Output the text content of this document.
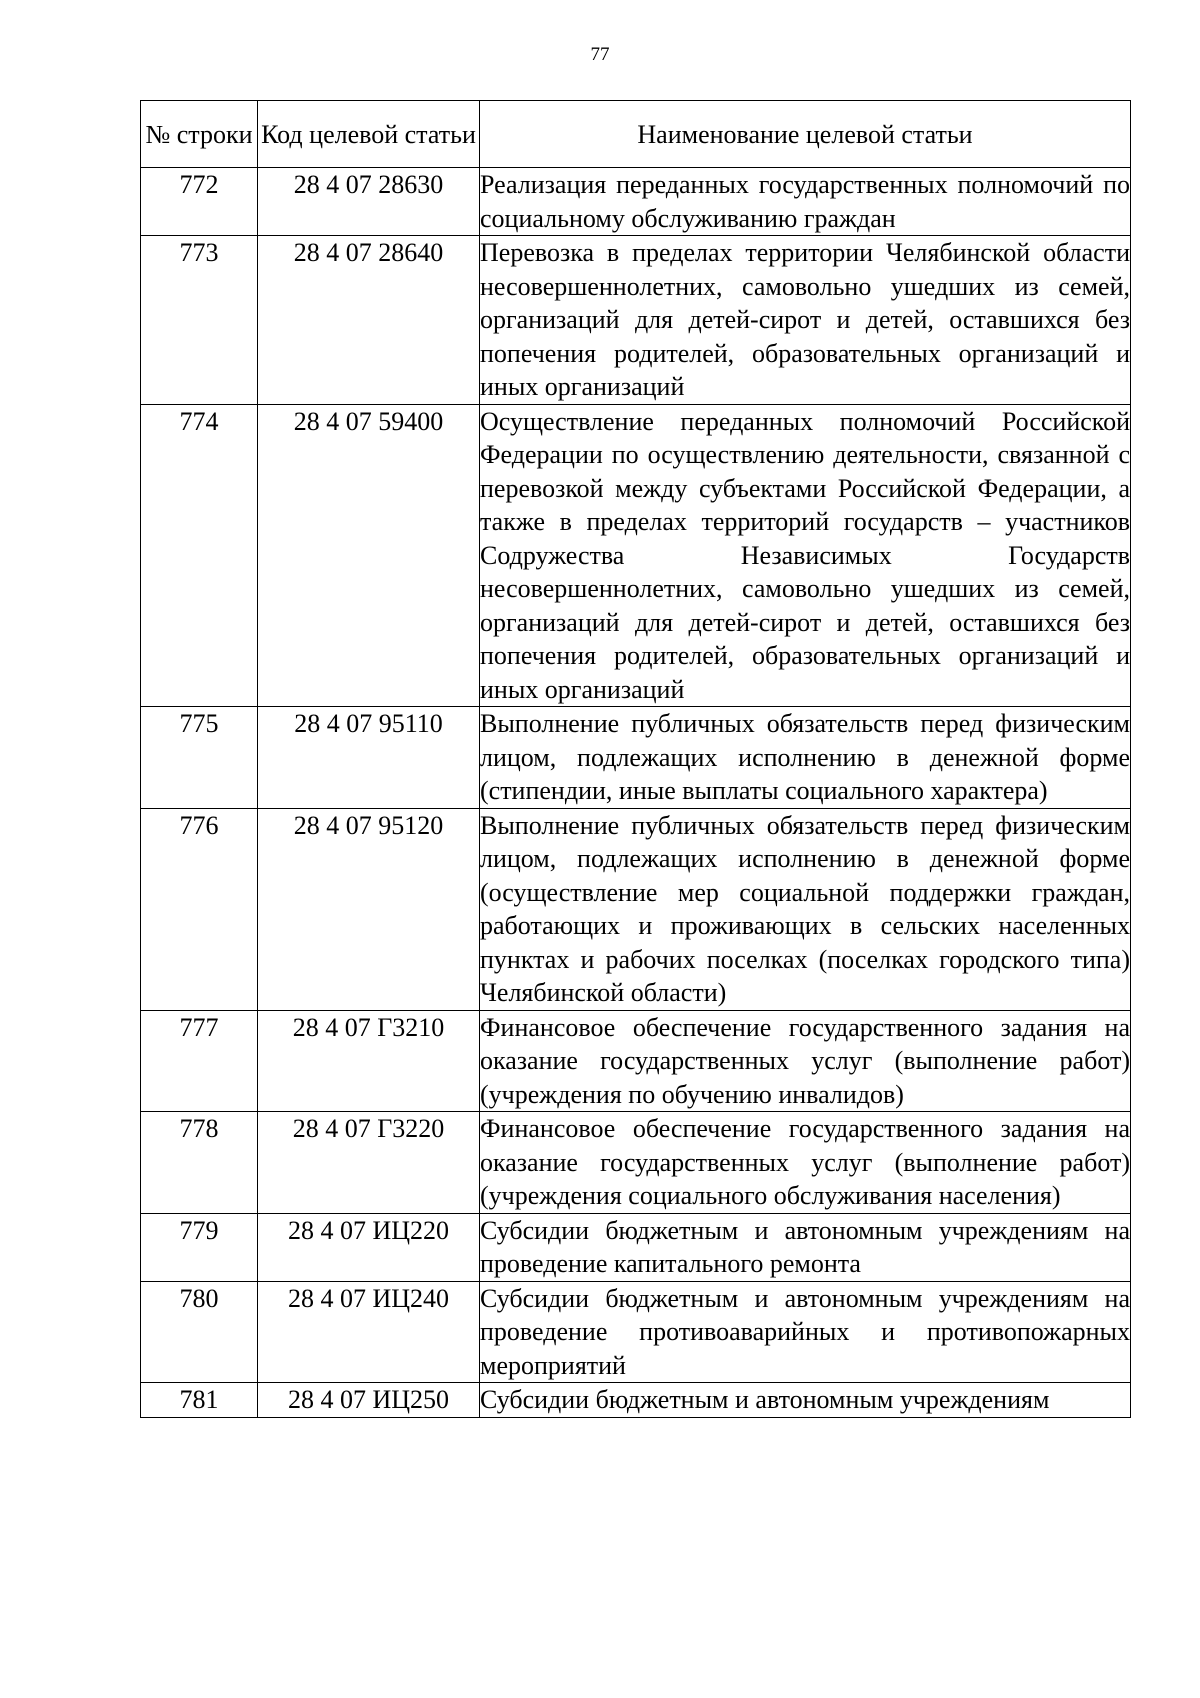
77
№ строки	Код целевой статьи	Наименование целевой статьи
772	28 4 07 28630	Реализация переданных государственных полномочий по социальному обслуживанию граждан
773	28 4 07 28640	Перевозка в пределах территории Челябинской области несовершеннолетних, самовольно ушедших из семей, организаций для детей-сирот и детей, оставшихся без попечения родителей, образовательных организаций и иных организаций
774	28 4 07 59400	Осуществление переданных полномочий Российской Федерации по осуществлению деятельности, связанной с перевозкой между субъектами Российской Федерации, а также в пределах территорий государств – участников Содружества Независимых Государств несовершеннолетних, самовольно ушедших из семей, организаций для детей-сирот и детей, оставшихся без попечения родителей, образовательных организаций и иных организаций
775	28 4 07 95110	Выполнение публичных обязательств перед физическим лицом, подлежащих исполнению в денежной форме (стипендии, иные выплаты социального характера)
776	28 4 07 95120	Выполнение публичных обязательств перед физическим лицом, подлежащих исполнению в денежной форме (осуществление мер социальной поддержки граждан, работающих и проживающих в сельских населенных пунктах и рабочих поселках (поселках городского типа) Челябинской области)
777	28 4 07 Г3210	Финансовое обеспечение государственного задания на оказание государственных услуг (выполнение работ) (учреждения по обучению инвалидов)
778	28 4 07 Г3220	Финансовое обеспечение государственного задания на оказание государственных услуг (выполнение работ) (учреждения социального обслуживания населения)
779	28 4 07 ИЦ220	Субсидии бюджетным и автономным учреждениям на проведение капитального ремонта
780	28 4 07 ИЦ240	Субсидии бюджетным и автономным учреждениям на проведение противоаварийных и противопожарных мероприятий
781	28 4 07 ИЦ250	Субсидии бюджетным и автономным учреждениям
